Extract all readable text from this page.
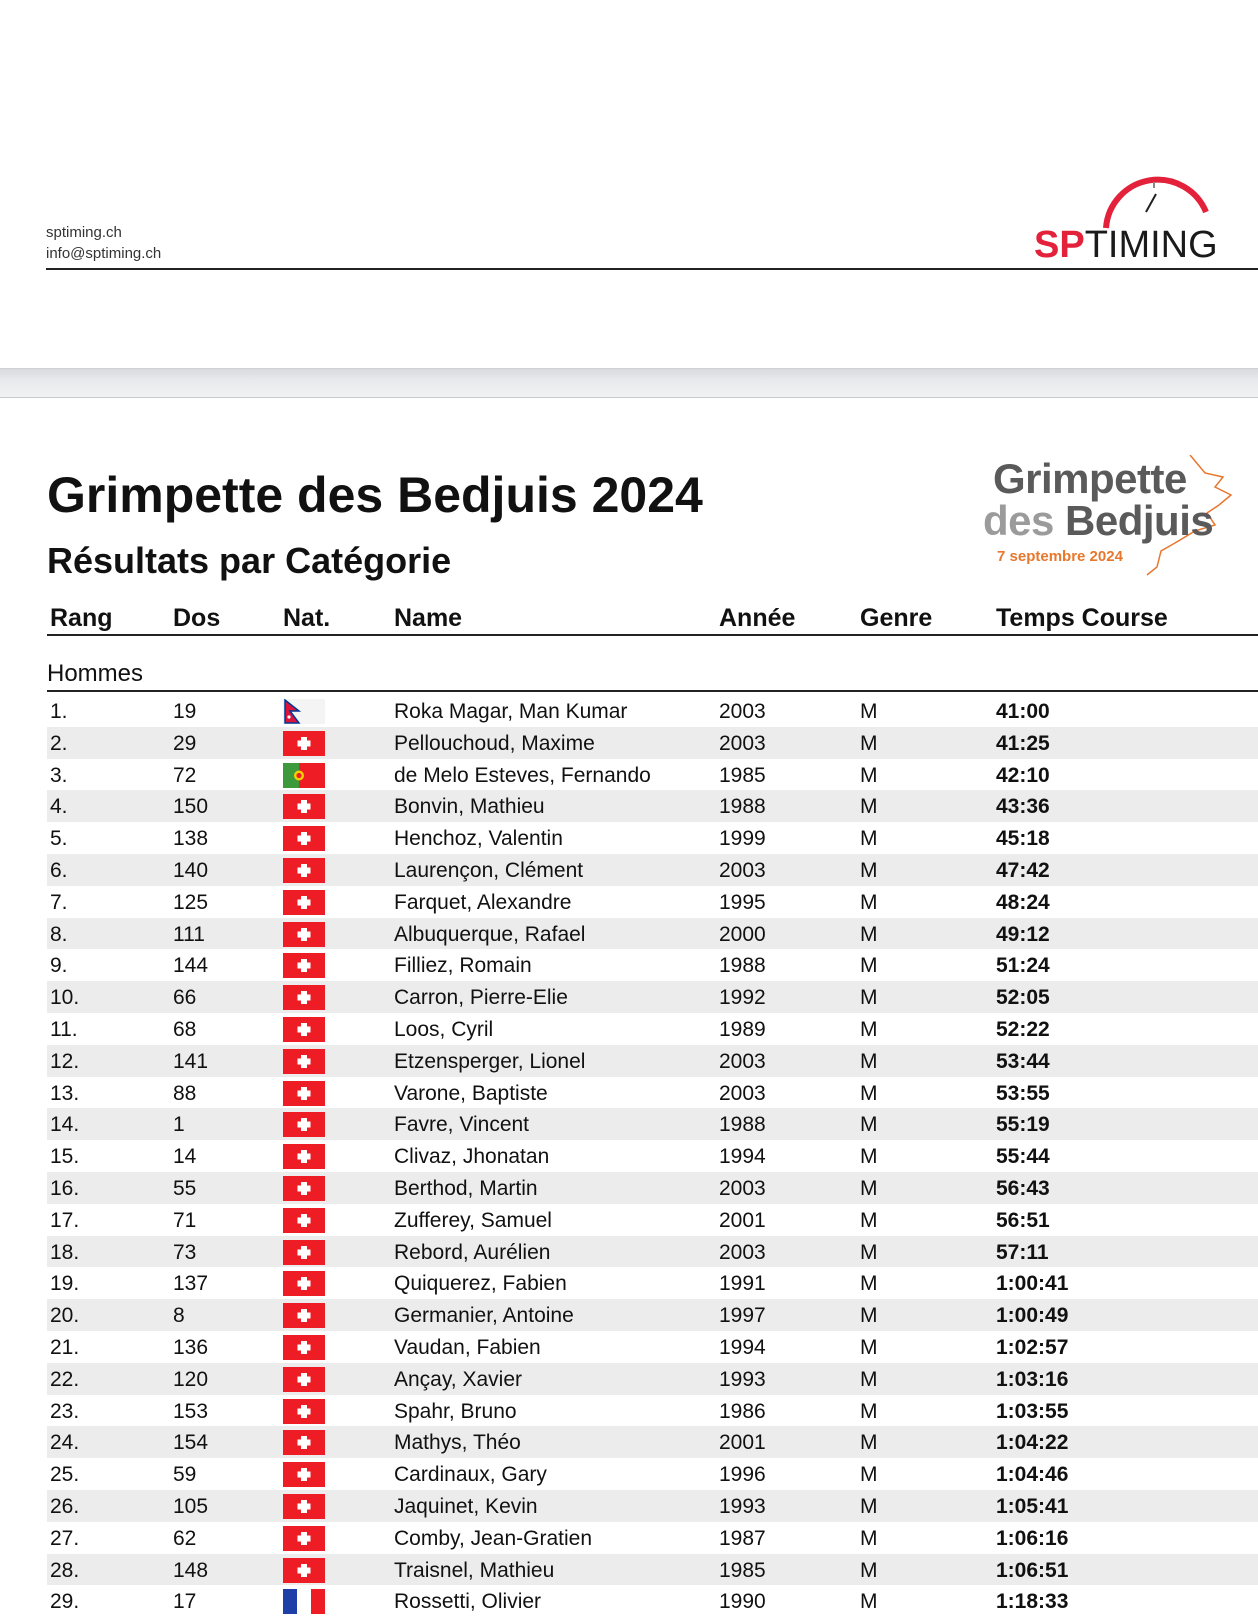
sptiming.ch
info@sptiming.ch	SPTIMING
Grimpette des Bedjuis 2024
Résultats par Catégorie
Grimpette
des Bedjuis
7 septembre 2024
Rang Dos	Nat.	Name	Année	Genre	Temps Course
Hommes
1.	19	Roka Magar, Man Kumar	2003	M	41:00
2.	29	Pellouchoud, Maxime	2003	M	41:25
3.	72	de Melo Esteves, Fernando	1985	M	42:10
4.	150	Bonvin, Mathieu	1988	M	43:36
5.	138	Henchoz, Valentin	1999	M	45:18
6.	140	Laurençon, Clément	2003	M	47:42
7.	125	Farquet, Alexandre	1995	M	48:24
8.	111	Albuquerque, Rafael	2000	M	49:12
9.	144	Filliez, Romain	1988	M	51:24
10.	66	Carron, Pierre-Elie	1992	M	52:05
11.	68	Loos, Cyril	1989	M	52:22
12.	141	Etzensperger, Lionel	2003	M	53:44
13.	88	Varone, Baptiste	2003	M	53:55
14.	1	Favre, Vincent	1988	M	55:19
15.	14	Clivaz, Jhonatan	1994	M	55:44
16.	55	Berthod, Martin	2003	M	56:43
17.	71	Zufferey, Samuel	2001	M	56:51
18.	73	Rebord, Aurélien	2003	M	57:11
19.	137	Quiquerez, Fabien	1991	M	1:00:41
20.	8	Germanier, Antoine	1997	M	1:00:49
21.	136	Vaudan, Fabien	1994	M	1:02:57
22.	120	Ançay, Xavier	1993	M	1:03:16
23.	153	Spahr, Bruno	1986	M	1:03:55
24.	154	Mathys, Théo	2001	M	1:04:22
25.	59	Cardinaux, Gary	1996	M	1:04:46
26.	105	Jaquinet, Kevin	1993	M	1:05:41
27.	62	Comby, Jean-Gratien	1987	M	1:06:16
28.	148	Traisnel, Mathieu	1985	M	1:06:51
29.	17	Rossetti, Olivier	1990	M	1:18:33
